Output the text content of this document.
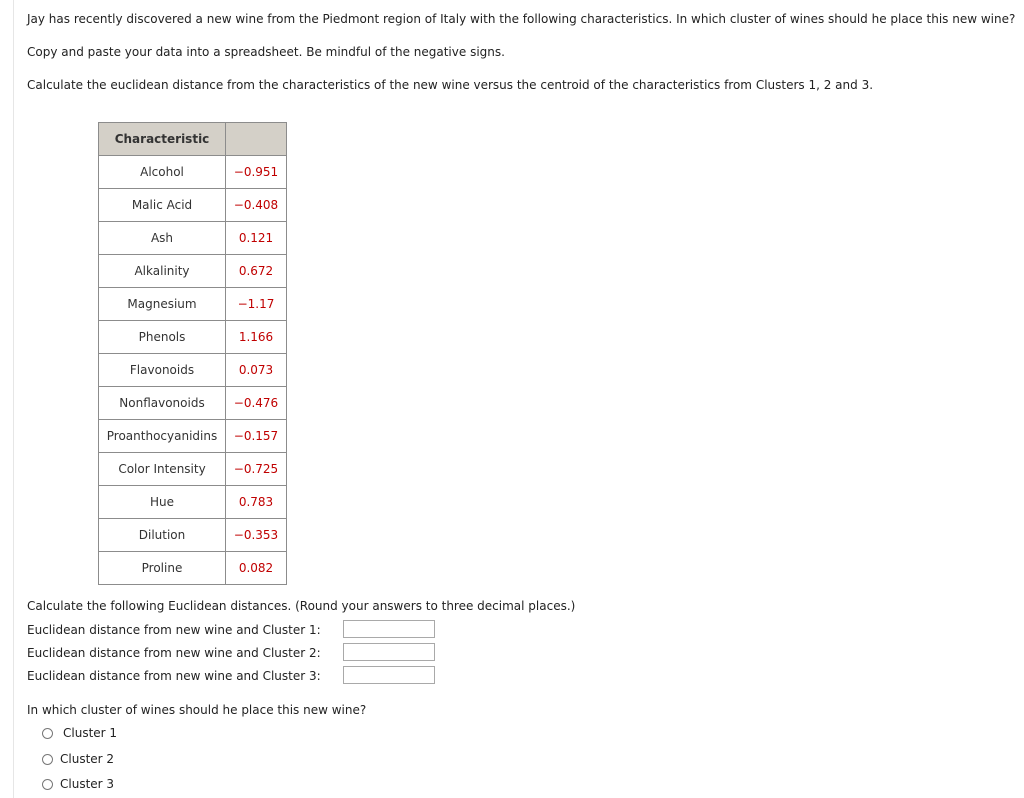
Jay has recently discovered a new wine from the Piedmont region of Italy with the following characteristics. In which cluster of wines should he place this new wine?
Copy and paste your data into a spreadsheet. Be mindful of the negative signs.
Calculate the euclidean distance from the characteristics of the new wine versus the centroid of the characteristics from Clusters 1, 2 and 3.
Characteristic	
Alcohol	−0.951
Malic Acid	−0.408
Ash	0.121
Alkalinity	0.672
Magnesium	−1.17
Phenols	1.166
Flavonoids	0.073
Nonflavonoids	−0.476
Proanthocyanidins	−0.157
Color Intensity	−0.725
Hue	0.783
Dilution	−0.353
Proline	0.082
Calculate the following Euclidean distances. (Round your answers to three decimal places.)
Euclidean distance from new wine and Cluster 1:
Euclidean distance from new wine and Cluster 2:
Euclidean distance from new wine and Cluster 3:
In which cluster of wines should he place this new wine?
Cluster 1
Cluster 2
Cluster 3
